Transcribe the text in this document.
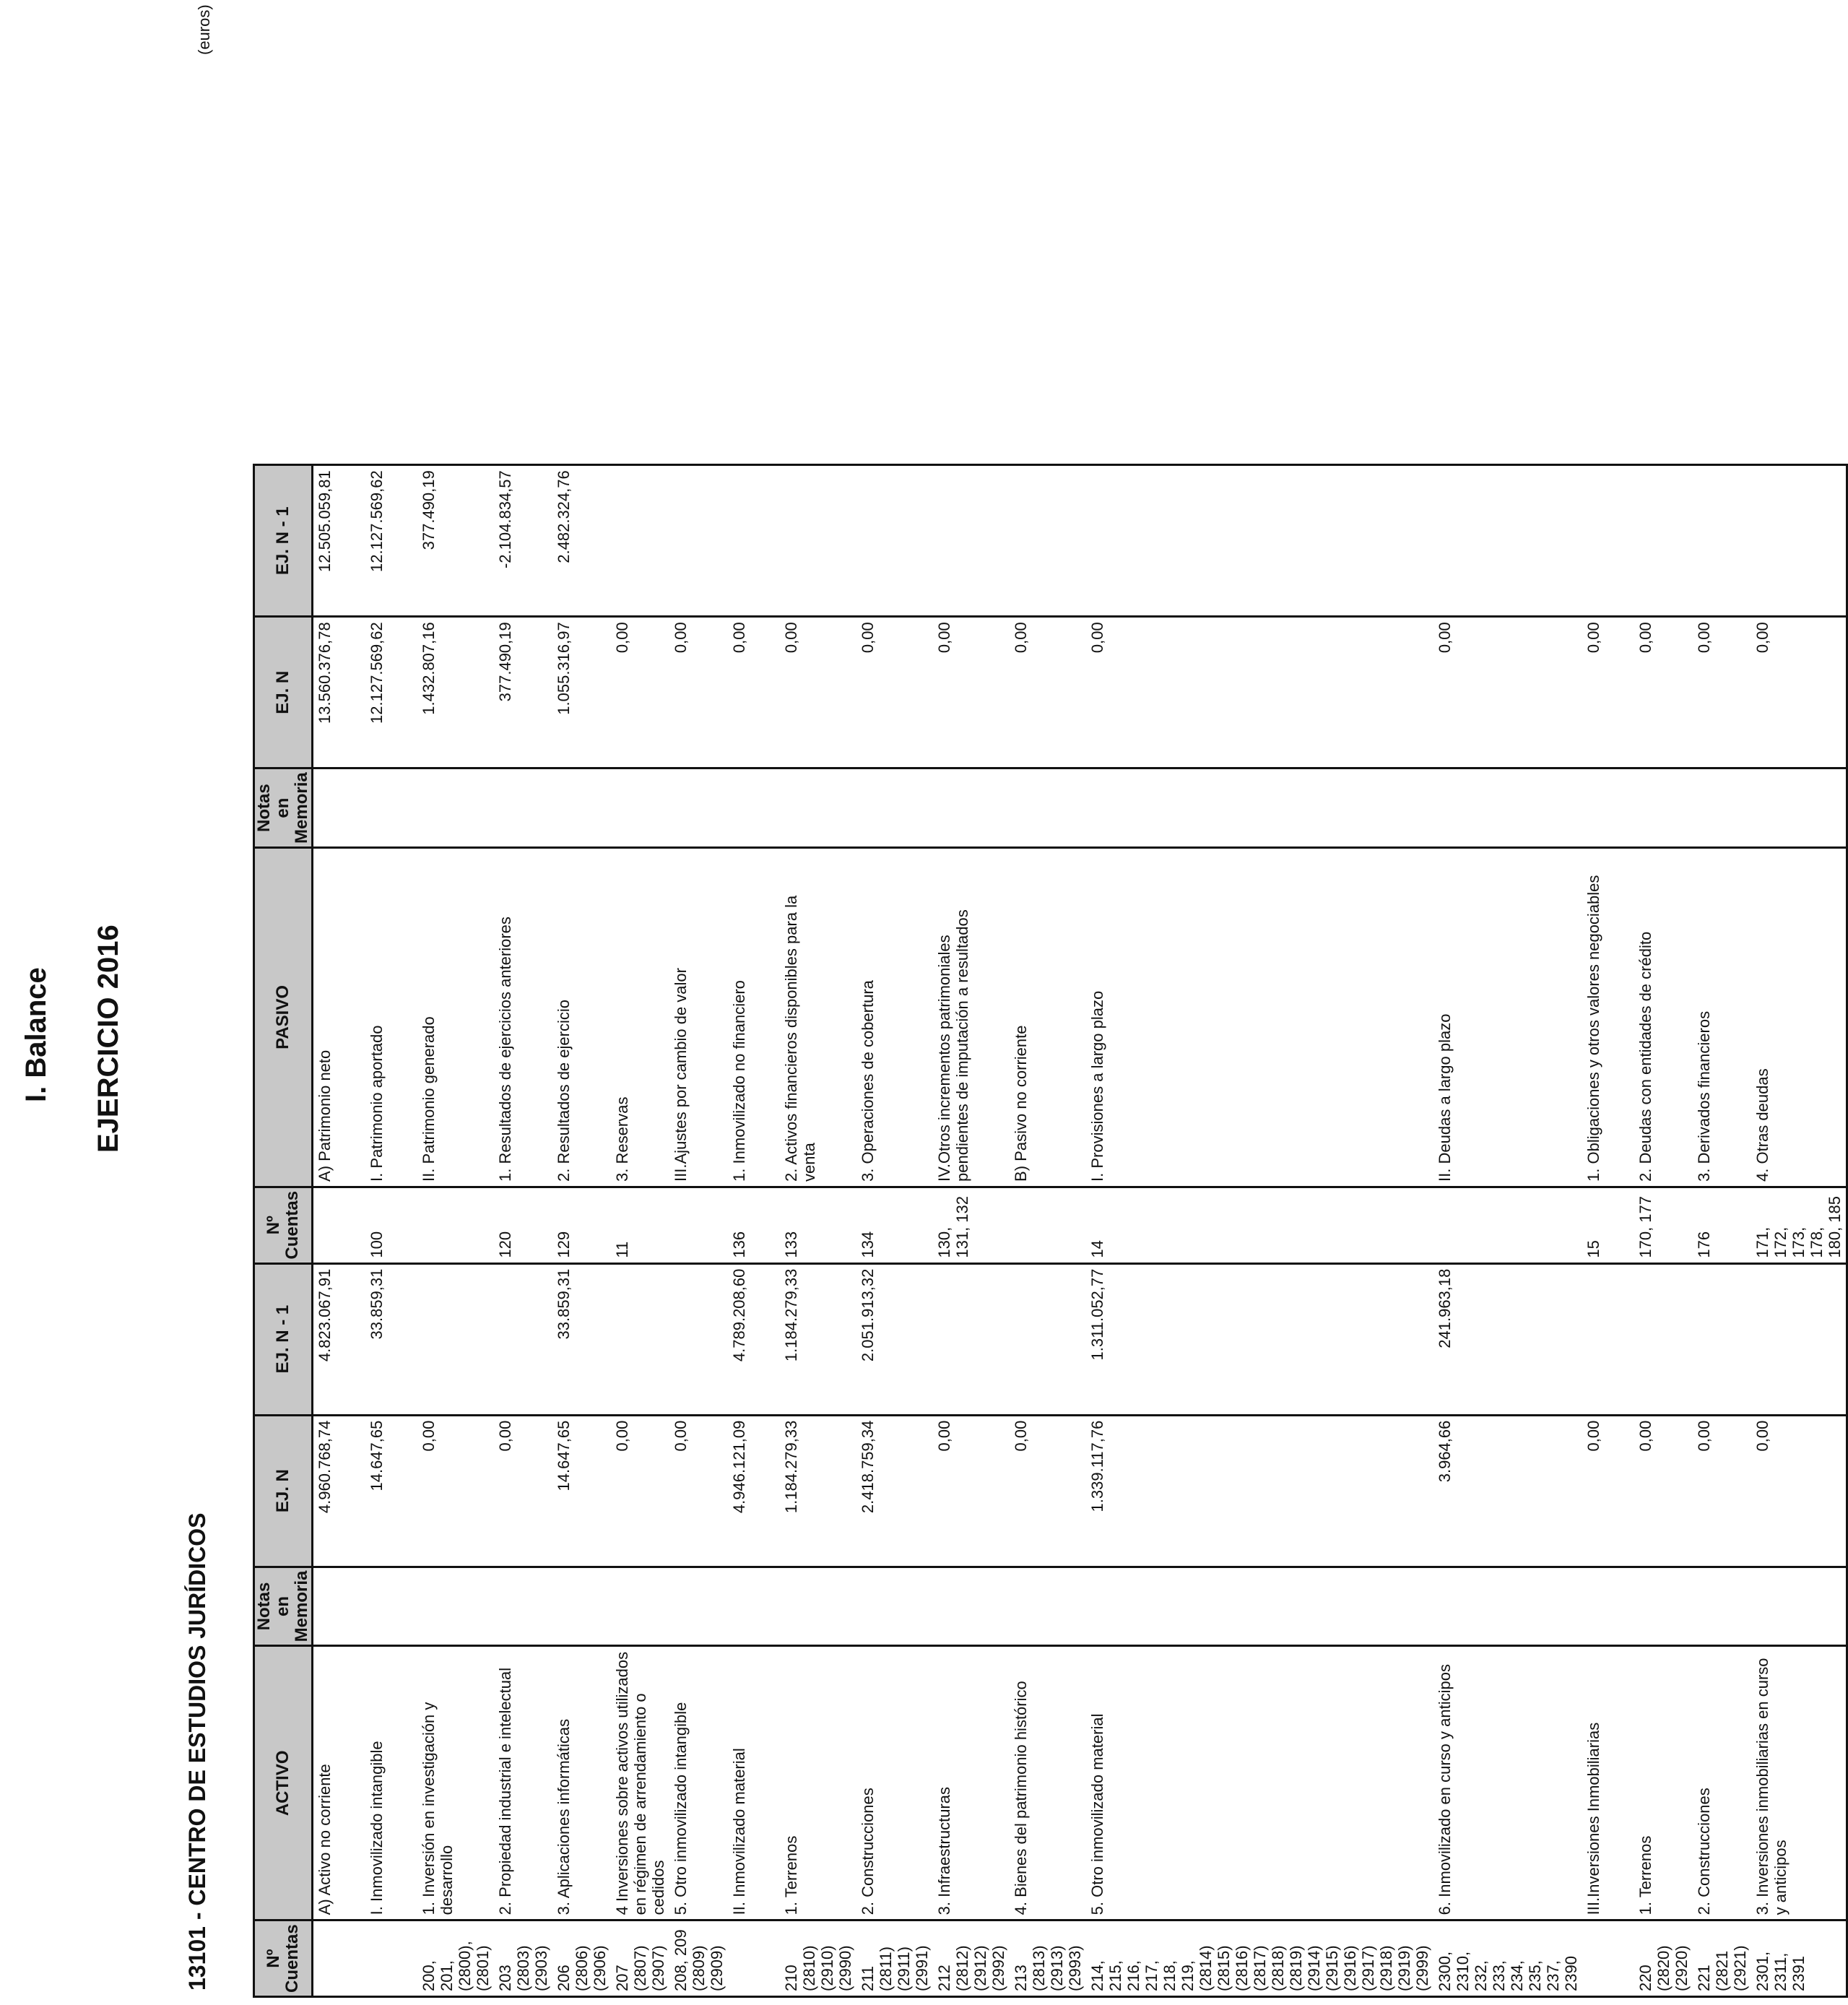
I. Balance EJERCICIO 2016
13101 - CENTRO DE ESTUDIOS JURÍDICOS
(euros)
Nº Cuentas	ACTIVO	Notas en Memoria	EJ. N	EJ. N - 1	Nº Cuentas	PASIVO	Notas en Memoria	EJ. N	EJ. N - 1
	A) Activo no corriente		4.960.768,74	4.823.067,91		A) Patrimonio neto		13.560.376,78	12.505.059,81
	I. Inmovilizado intangible		14.647,65	33.859,31	100	I. Patrimonio aportado		12.127.569,62	12.127.569,62
200, 201, (2800), (2801)	1. Inversión en investigación y desarrollo		0,00			II. Patrimonio generado		1.432.807,16	377.490,19
203 (2803) (2903)	2. Propiedad industrial e intelectual		0,00		120	1. Resultados de ejercicios anteriores		377.490,19	-2.104.834,57
206 (2806) (2906)	3. Aplicaciones informáticas		14.647,65	33.859,31	129	2. Resultados de ejercicio		1.055.316,97	2.482.324,76
207 (2807) (2907)	4 Inversiones sobre activos utilizados en régimen de arrendamiento o cedidos		0,00		11	3. Reservas		0,00	
208, 209 (2809) (2909)	5. Otro inmovilizado intangible		0,00			III.Ajustes por cambio de valor		0,00	
	II. Inmovilizado material		4.946.121,09	4.789.208,60	136	1. Inmovilizado no financiero		0,00	
210 (2810) (2910) (2990)	1. Terrenos		1.184.279,33	1.184.279,33	133	2. Activos financieros disponibles para la venta		0,00	
211 (2811) (2911) (2991)	2. Construcciones		2.418.759,34	2.051.913,32	134	3. Operaciones de cobertura		0,00	
212 (2812) (2912) (2992)	3. Infraestructuras		0,00		130, 131, 132	IV.Otros incrementos patrimoniales pendientes de imputación a resultados		0,00	
213 (2813) (2913) (2993)	4. Bienes del patrimonio histórico		0,00			B) Pasivo no corriente		0,00	
214, 215, 216, 217, 218, 219, (2814) (2815) (2816) (2817) (2818) (2819) (2914) (2915) (2916) (2917) (2918) (2919) (2999)	5. Otro inmovilizado material		1.339.117,76	1.311.052,77	14	I. Provisiones a largo plazo		0,00	
2300, 2310, 232, 233, 234, 235, 237, 2390	6. Inmovilizado en curso y anticipos		3.964,66	241.963,18		II. Deudas a largo plazo		0,00	
	III.Inversiones Inmobiliarias		0,00		15	1. Obligaciones y otros valores negociables		0,00	
220 (2820) (2920)	1. Terrenos		0,00		170, 177	2. Deudas con entidades de crédito		0,00	
221 (2821 (2921)	2. Construcciones		0,00		176	3. Derivados financieros		0,00	
2301, 2311, 2391	3. Inversiones inmobiliarias en curso y anticipos		0,00		171, 172, 173, 178, 180, 185	4. Otras deudas		0,00	
